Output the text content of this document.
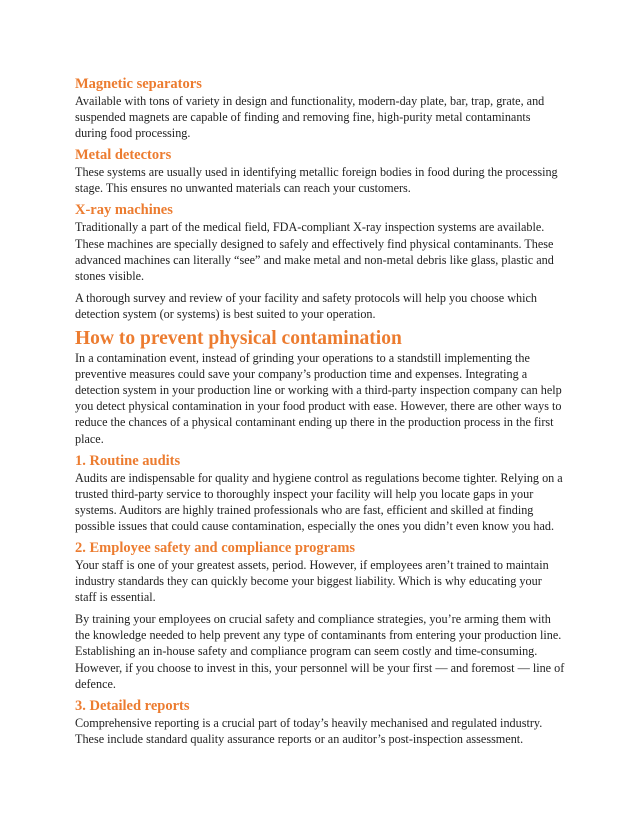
Magnetic separators

Available with tons of variety in design and functionality, modern-day plate, bar, trap, grate, and suspended magnets are capable of finding and removing fine, high-purity metal contaminants during food processing.

Metal detectors

These systems are usually used in identifying metallic foreign bodies in food during the processing stage. This ensures no unwanted materials can reach your customers.

X-ray machines

Traditionally a part of the medical field, FDA-compliant X-ray inspection systems are available. These machines are specially designed to safely and effectively find physical contaminants. These advanced machines can literally “see” and make metal and non-metal debris like glass, plastic and stones visible.

A thorough survey and review of your facility and safety protocols will help you choose which detection system (or systems) is best suited to your operation.

How to prevent physical contamination

In a contamination event, instead of grinding your operations to a standstill implementing the preventive measures could save your company’s production time and expenses. Integrating a detection system in your production line or working with a third-party inspection company can help you detect physical contamination in your food product with ease. However, there are other ways to reduce the chances of a physical contaminant ending up there in the production process in the first place.

1. Routine audits

Audits are indispensable for quality and hygiene control as regulations become tighter. Relying on a trusted third-party service to thoroughly inspect your facility will help you locate gaps in your systems. Auditors are highly trained professionals who are fast, efficient and skilled at finding possible issues that could cause contamination, especially the ones you didn’t even know you had.

2. Employee safety and compliance programs

Your staff is one of your greatest assets, period. However, if employees aren’t trained to maintain industry standards they can quickly become your biggest liability. Which is why educating your staff is essential.

By training your employees on crucial safety and compliance strategies, you’re arming them with the knowledge needed to help prevent any type of contaminants from entering your production line. Establishing an in-house safety and compliance program can seem costly and time-consuming. However, if you choose to invest in this, your personnel will be your first — and foremost — line of defence.

3. Detailed reports

Comprehensive reporting is a crucial part of today’s heavily mechanised and regulated industry. These include standard quality assurance reports or an auditor’s post-inspection assessment.
